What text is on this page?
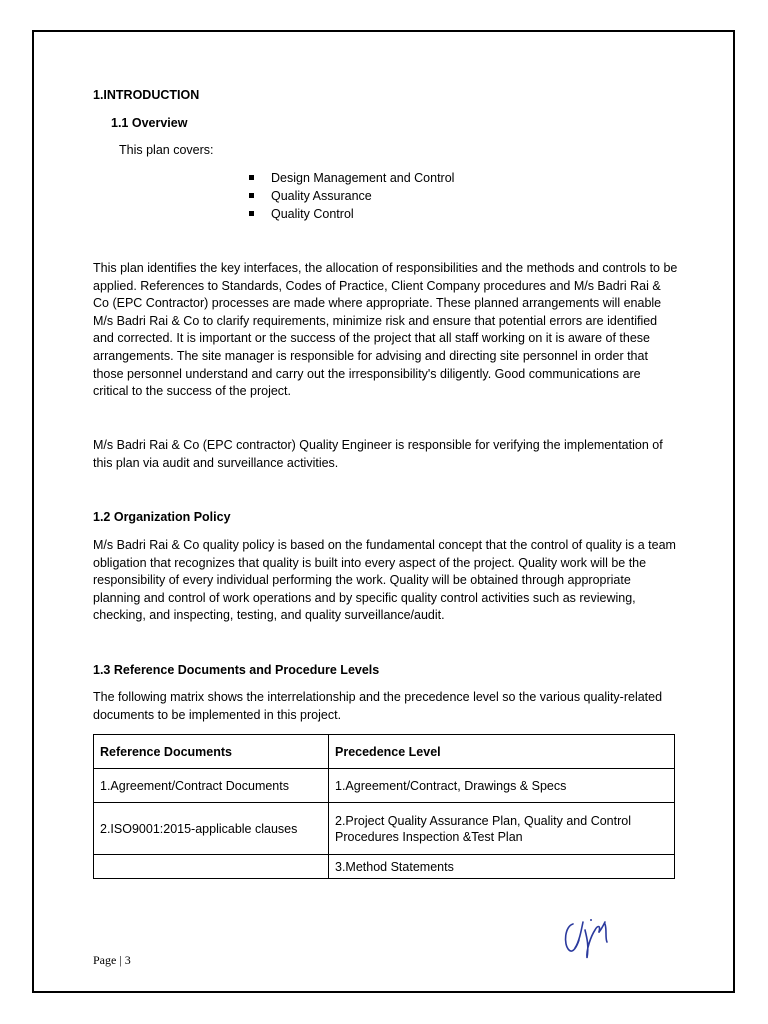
1.INTRODUCTION
1.1 Overview
This plan covers:
Design Management and Control
Quality Assurance
Quality Control

This plan identifies the key interfaces, the allocation of responsibilities and the methods and controls to be applied. References to Standards, Codes of Practice, Client Company procedures and M/s Badri Rai & Co (EPC Contractor) processes are made where appropriate. These planned arrangements will enable M/s Badri Rai & Co to clarify requirements, minimize risk and ensure that potential errors are identified and corrected. It is important or the success of the project that all staff working on it is aware of these arrangements. The site manager is responsible for advising and directing site personnel in order that those personnel understand and carry out the irresponsibility's diligently. Good communications are critical to the success of the project.

M/s Badri Rai & Co (EPC contractor) Quality Engineer is responsible for verifying the implementation of this plan via audit and surveillance activities.

1.2 Organization Policy

M/s Badri Rai & Co quality policy is based on the fundamental concept that the control of quality is a team obligation that recognizes that quality is built into every aspect of the project. Quality work will be the responsibility of every individual performing the work. Quality will be obtained through appropriate planning and control of work operations and by specific quality control activities such as reviewing, checking, and inspecting, testing, and quality surveillance/audit.

1.3 Reference Documents and Procedure Levels

The following matrix shows the interrelationship and the precedence level so the various quality-related documents to be implemented in this project.

Reference Documents	Precedence Level
1.Agreement/Contract Documents	1.Agreement/Contract, Drawings & Specs
2.ISO9001:2015-applicable clauses	2.Project Quality Assurance Plan, Quality and Control Procedures Inspection &Test Plan
	3.Method Statements
Page | 3
